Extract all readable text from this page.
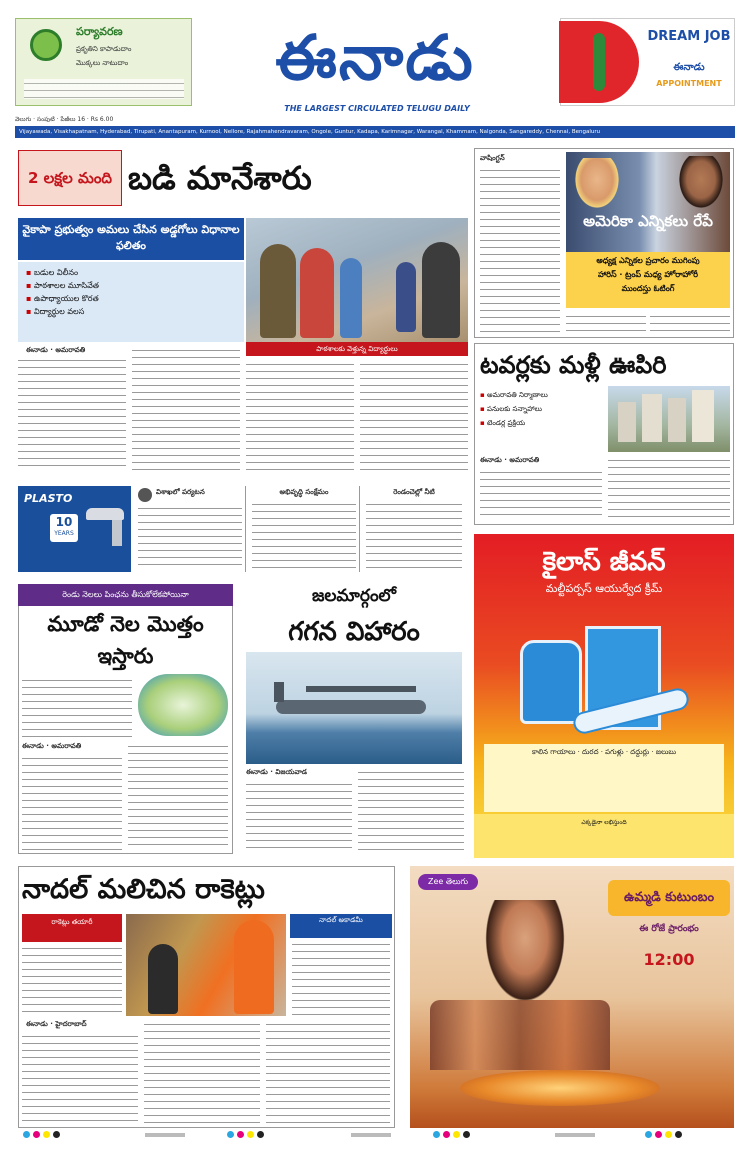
పర్యావరణ
ప్రకృతిని కాపాడుదాం
మొక్కలు నాటుదాం	ఈనాడు
THE LARGEST CIRCULATED TELUGU DAILY
DREAM JOB
ఈనాడు
APPOINTMENT
వెలుగు · సంపుటి · పేజీలు 16 · Rs 6.00
Vijayawada, Visakhapatnam, Hyderabad, Tirupati, Anantapuram, Kurnool, Nellore, Rajahmahendravaram, Ongole, Guntur, Kadapa, Karimnagar, Warangal, Khammam, Nalgonda, Sangareddy, Chennai, Bengaluru
2 లక్షల మంది బడి మానేశారు
వైకాపా ప్రభుత్వం అమలు చేసిన అడ్డగోలు విధానాల ఫలితం
▪ బడుల విలీనం
▪ పాఠశాలల మూసివేత
▪ ఉపాధ్యాయుల కొరత
▪ విద్యార్థుల వలస
పాఠశాలకు వెళ్తున్న విద్యార్థులు
ఈనాడు · అమరావతి
వాషింగ్టన్
అమెరికా ఎన్నికలు రేపే
అధ్యక్ష ఎన్నికల ప్రచారం ముగింపు
హారిస్ · ట్రంప్ మధ్య హోరాహోరీ
ముందస్తు ఓటింగ్
టవర్లకు మళ్లీ ఊపిరి
▪ అమరావతి నిర్మాణాలు
▪ పనులకు సన్నాహాలు
▪ టెండర్ల ప్రక్రియ
ఈనాడు · అమరావతి
PLASTO
10
YEARS
విశాఖలో పర్యటన	అభివృద్ధి సంక్షేమం	రెండంచెల్లో నీటి
కైలాస్ జీవన్
మల్టీపర్పస్ ఆయుర్వేద క్రీమ్
కాలిన గాయాలు · దురద · పగుళ్లు · దద్దుర్లు · జలుబు
ఎక్కడైనా లభిస్తుంది
రెండు నెలలు పింఛను తీసుకోలేకపోయినా
మూడో నెల మొత్తం ఇస్తారు
ఈనాడు · అమరావతి
జలమార్గంలో
గగన విహారం
ఈనాడు · విజయవాడ
నాదల్ మలిచిన రాకెట్లు
రాకెట్లు తయారీ	నాదల్ అకాడమీ
ఈనాడు · హైదరాబాద్
Zee తెలుగు
ఉమ్మడి కుటుంబం
ఈ రోజే ప్రారంభం
12:00
